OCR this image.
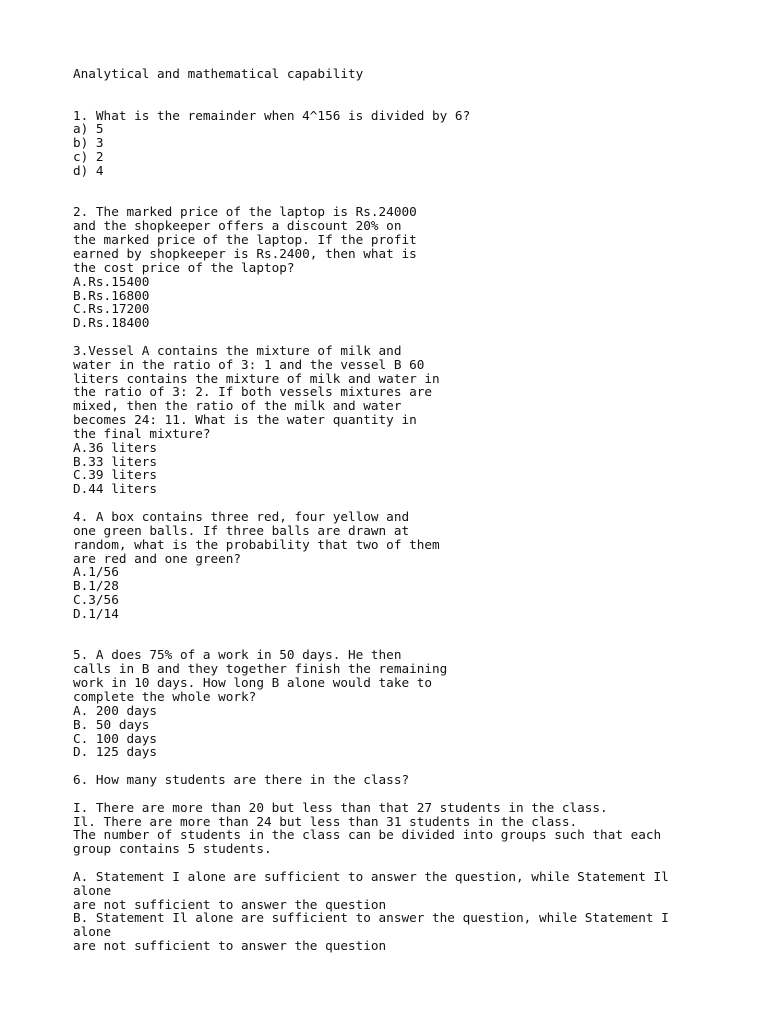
Analytical and mathematical capability
1. What is the remainder when 4^156 is divided by 6?
a) 5
b) 3
c) 2
d) 4
2. The marked price of the laptop is Rs.24000
and the shopkeeper offers a discount 20% on
the marked price of the laptop. If the profit
earned by shopkeeper is Rs.2400, then what is
the cost price of the laptop?
A.Rs.15400
B.Rs.16800
C.Rs.17200
D.Rs.18400
3.Vessel A contains the mixture of milk and
water in the ratio of 3: 1 and the vessel B 60
liters contains the mixture of milk and water in
the ratio of 3: 2. If both vessels mixtures are
mixed, then the ratio of the milk and water
becomes 24: 11. What is the water quantity in
the final mixture?
A.36 liters
B.33 liters
C.39 liters
D.44 liters
4. A box contains three red, four yellow and
one green balls. If three balls are drawn at
random, what is the probability that two of them
are red and one green?
A.1/56
B.1/28
C.3/56
D.1/14
5. A does 75% of a work in 50 days. He then
calls in B and they together finish the remaining
work in 10 days. How long B alone would take to
complete the whole work?
A. 200 days
B. 50 days
C. 100 days
D. 125 days
6. How many students are there in the class?
I. There are more than 20 but less than that 27 students in the class.
Il. There are more than 24 but less than 31 students in the class.
The number of students in the class can be divided into groups such that each
group contains 5 students.
A. Statement I alone are sufficient to answer the question, while Statement Il
alone
are not sufficient to answer the question
B. Statement Il alone are sufficient to answer the question, while Statement I
alone
are not sufficient to answer the question
